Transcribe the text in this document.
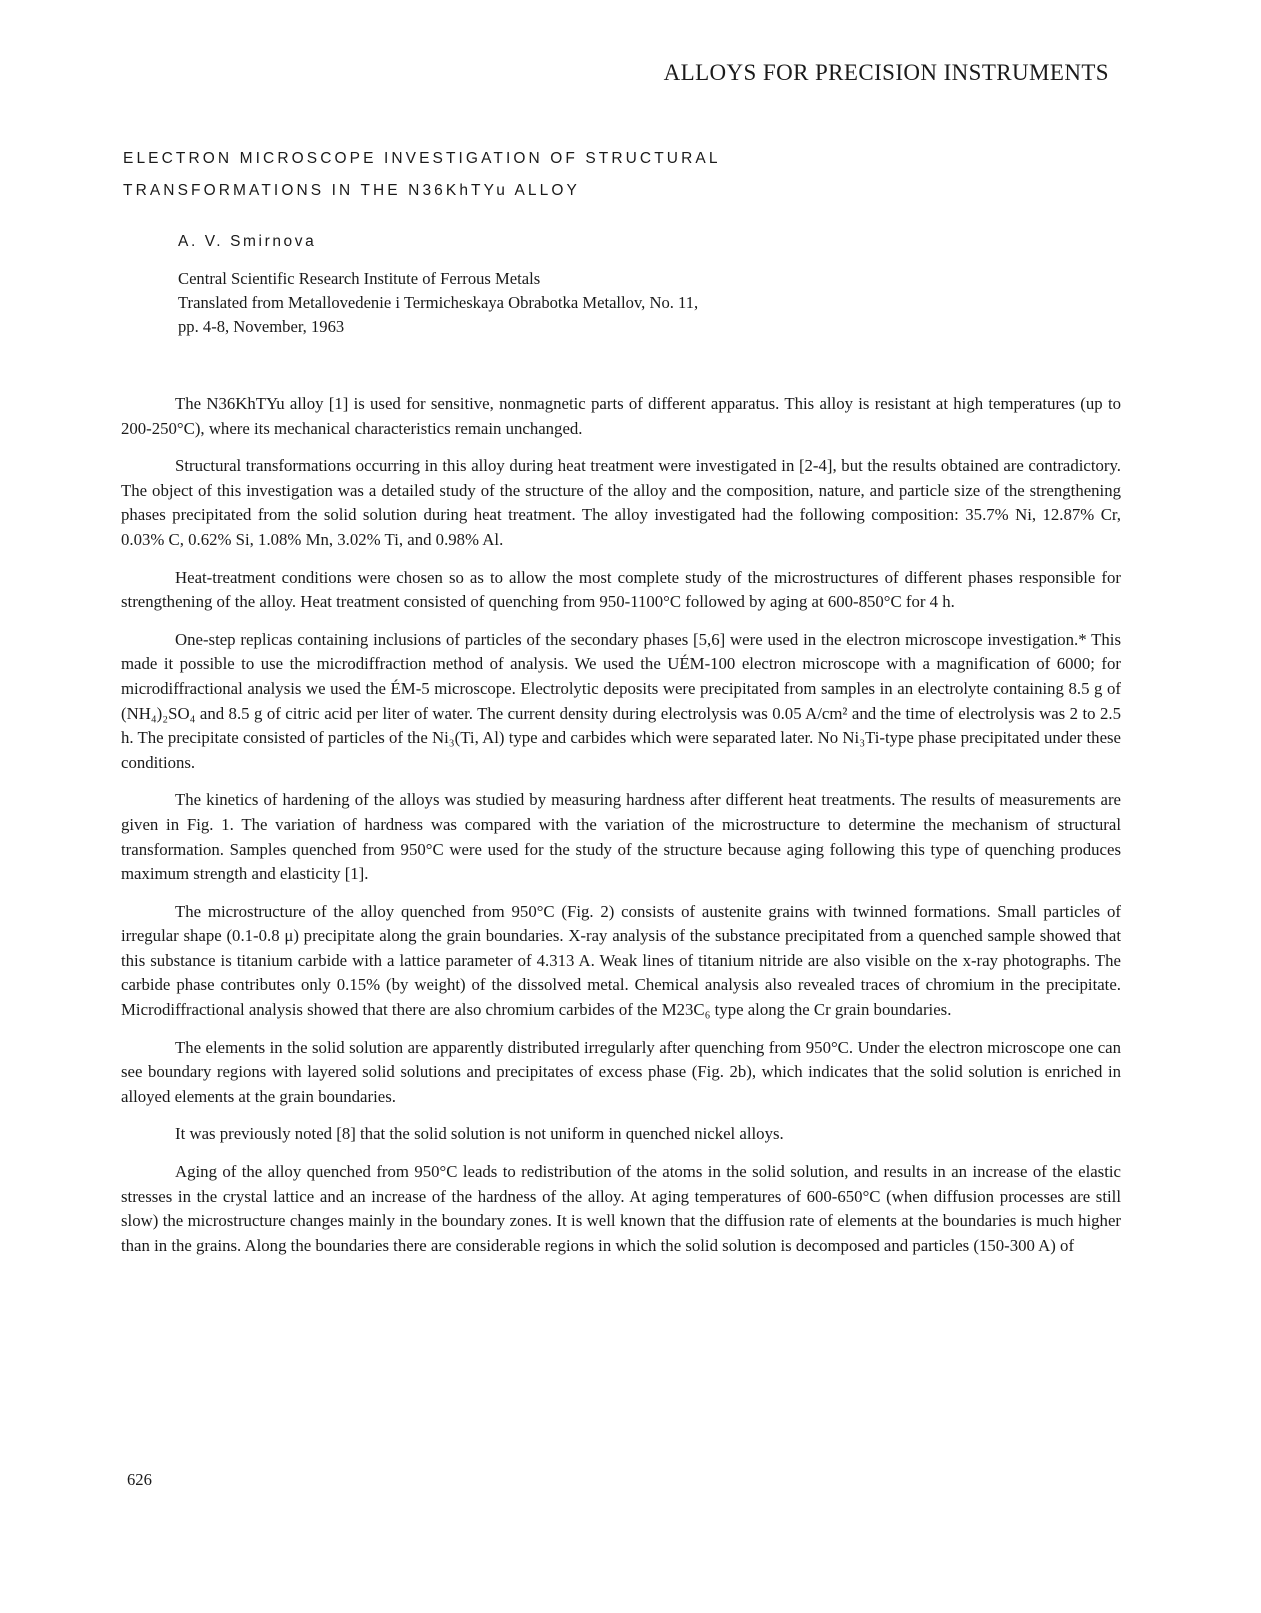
ALLOYS FOR PRECISION INSTRUMENTS
ELECTRON MICROSCOPE INVESTIGATION OF STRUCTURAL
TRANSFORMATIONS IN THE N36KhTYu ALLOY
A. V. Smirnova
Central Scientific Research Institute of Ferrous Metals
Translated from Metallovedenie i Termicheskaya Obrabotka Metallov, No. 11,
pp. 4-8, November, 1963

The N36KhTYu alloy [1] is used for sensitive, nonmagnetic parts of different apparatus. This alloy is resistant at high temperatures (up to 200-250°C), where its mechanical characteristics remain unchanged.

Structural transformations occurring in this alloy during heat treatment were investigated in [2-4], but the results obtained are contradictory. The object of this investigation was a detailed study of the structure of the alloy and the composition, nature, and particle size of the strengthening phases precipitated from the solid solution during heat treatment. The alloy investigated had the following composition: 35.7% Ni, 12.87% Cr, 0.03% C, 0.62% Si, 1.08% Mn, 3.02% Ti, and 0.98% Al.

Heat-treatment conditions were chosen so as to allow the most complete study of the microstructures of different phases responsible for strengthening of the alloy. Heat treatment consisted of quenching from 950-1100°C followed by aging at 600-850°C for 4 h.

One-step replicas containing inclusions of particles of the secondary phases [5,6] were used in the electron microscope investigation.* This made it possible to use the microdiffraction method of analysis. We used the UÉM-100 electron microscope with a magnification of 6000; for microdiffractional analysis we used the ÉM-5 microscope. Electrolytic deposits were precipitated from samples in an electrolyte containing 8.5 g of (NH₄)₂SO₄ and 8.5 g of citric acid per liter of water. The current density during electrolysis was 0.05 A/cm² and the time of electrolysis was 2 to 2.5 h. The precipitate consisted of particles of the Ni₃(Ti, Al) type and carbides which were separated later. No Ni₃Ti-type phase precipitated under these conditions.

The kinetics of hardening of the alloys was studied by measuring hardness after different heat treatments. The results of measurements are given in Fig. 1. The variation of hardness was compared with the variation of the microstructure to determine the mechanism of structural transformation. Samples quenched from 950°C were used for the study of the structure because aging following this type of quenching produces maximum strength and elasticity [1].

The microstructure of the alloy quenched from 950°C (Fig. 2) consists of austenite grains with twinned formations. Small particles of irregular shape (0.1-0.8 μ) precipitate along the grain boundaries. X-ray analysis of the substance precipitated from a quenched sample showed that this substance is titanium carbide with a lattice parameter of 4.313 A. Weak lines of titanium nitride are also visible on the x-ray photographs. The carbide phase contributes only 0.15% (by weight) of the dissolved metal. Chemical analysis also revealed traces of chromium in the precipitate. Microdiffractional analysis showed that there are also chromium carbides of the M23C₆ type along the Cr grain boundaries.

The elements in the solid solution are apparently distributed irregularly after quenching from 950°C. Under the electron microscope one can see boundary regions with layered solid solutions and precipitates of excess phase (Fig. 2b), which indicates that the solid solution is enriched in alloyed elements at the grain boundaries.

It was previously noted [8] that the solid solution is not uniform in quenched nickel alloys.

Aging of the alloy quenched from 950°C leads to redistribution of the atoms in the solid solution, and results in an increase of the elastic stresses in the crystal lattice and an increase of the hardness of the alloy. At aging temperatures of 600-650°C (when diffusion processes are still slow) the microstructure changes mainly in the boundary zones. It is well known that the diffusion rate of elements at the boundaries is much higher than in the grains. Along the boundaries there are considerable regions in which the solid solution is decomposed and particles (150-300 A) of

626
